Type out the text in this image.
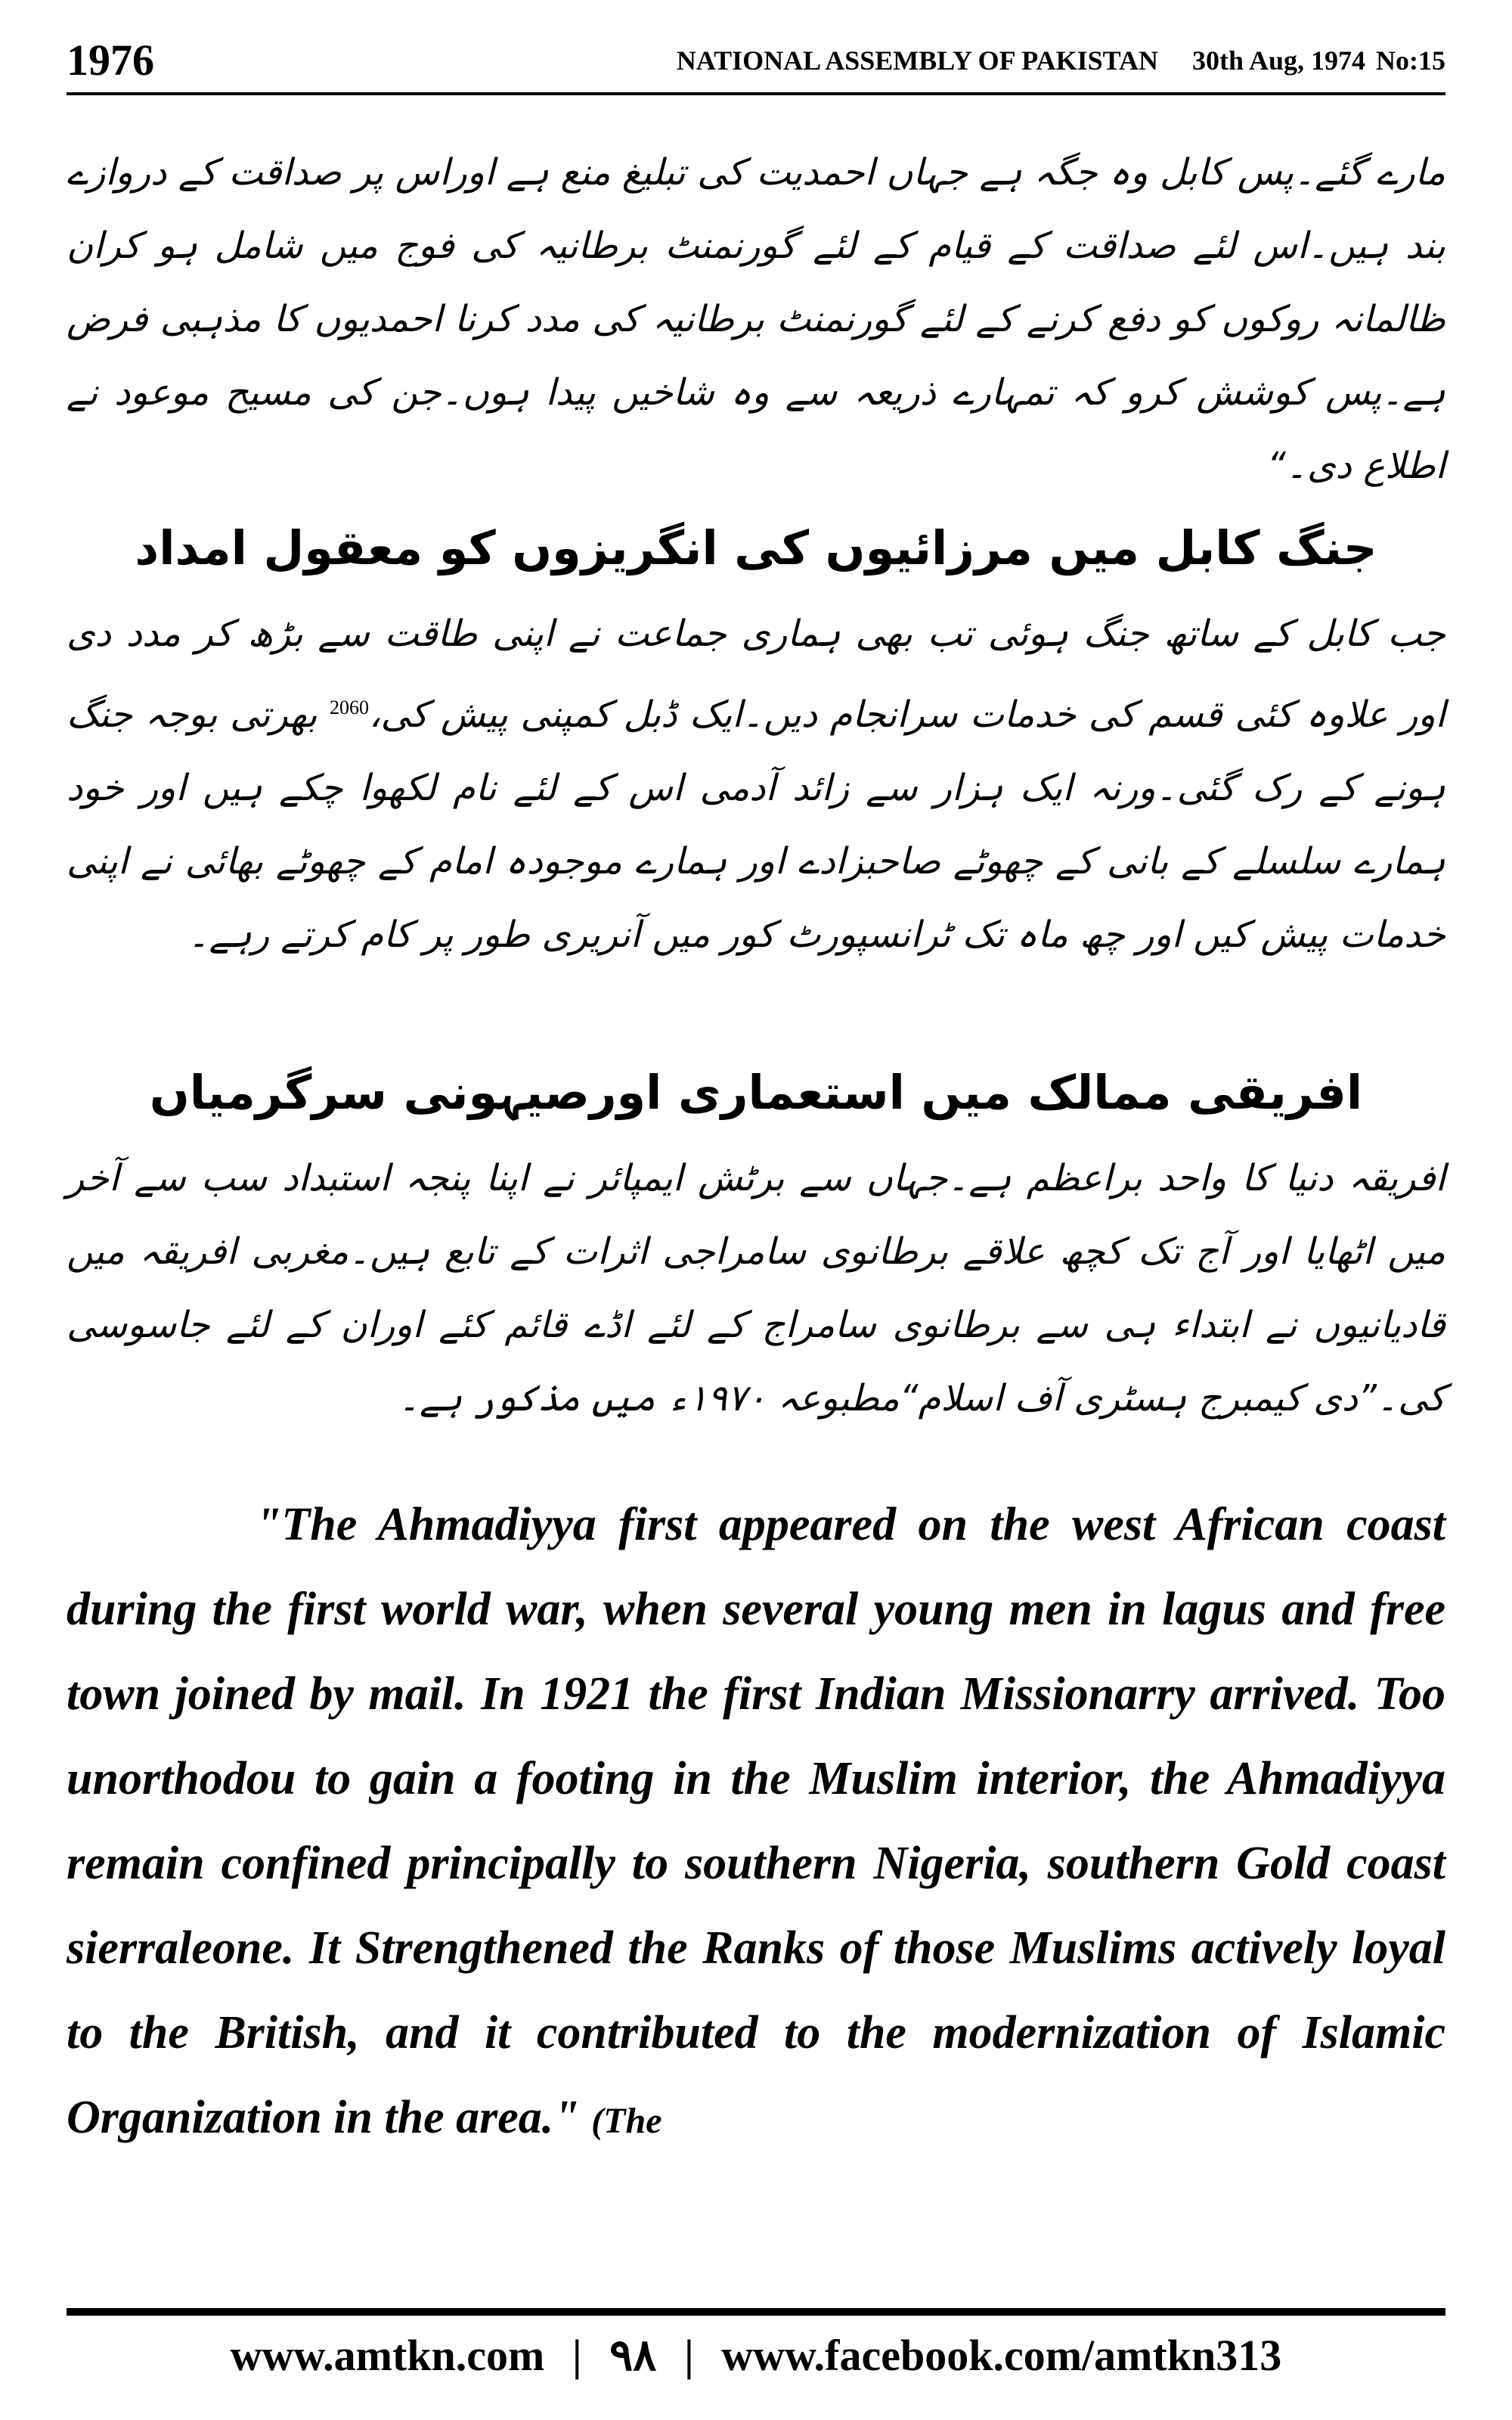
1976	NATIONAL ASSEMBLY OF PAKISTAN 30th Aug, 1974 No:15

مارے گئے۔پس کابل وہ جگہ ہے جہاں احمدیت کی تبلیغ منع ہے اوراس پر صداقت کے دروازے بند ہیں۔اس لئے صداقت کے قیام کے لئے گورنمنٹ برطانیہ کی فوج میں شامل ہو کران ظالمانہ روکوں کو دفع کرنے کے لئے گورنمنٹ برطانیہ کی مدد کرنا احمدیوں کا مذہبی فرض ہے۔پس کوشش کرو کہ تمہارے ذریعہ سے وہ شاخیں پیدا ہوں۔جن کی مسیح موعود نے اطلاع دی۔“

جنگ کابل میں مرزائیوں کی انگریزوں کو معقول امداد

جب کابل کے ساتھ جنگ ہوئی تب بھی ہماری جماعت نے اپنی طاقت سے بڑھ کر مدد دی اور علاوہ کئی قسم کی خدمات سرانجام دیں۔ایک ڈبل کمپنی پیش کی،$^{2060}$ بھرتی بوجہ جنگ ہونے کے رک گئی۔ورنہ ایک ہزار سے زائد آدمی اس کے لئے نام لکھوا چکے ہیں اور خود ہمارے سلسلے کے بانی کے چھوٹے صاحبزادے اور ہمارے موجودہ امام کے چھوٹے بھائی نے اپنی خدمات پیش کیں اور چھ ماہ تک ٹرانسپورٹ کور میں آنریری طور پر کام کرتے رہے۔

افریقی ممالک میں استعماری اورصیہونی سرگرمیاں

افریقہ دنیا کا واحد براعظم ہے۔جہاں سے برٹش ایمپائر نے اپنا پنجہ استبداد سب سے آخر میں اٹھایا اور آج تک کچھ علاقے برطانوی سامراجی اثرات کے تابع ہیں۔مغربی افریقہ میں قادیانیوں نے ابتداء ہی سے برطانوی سامراج کے لئے اڈے قائم کئے اوران کے لئے جاسوسی کی۔”دی کیمبرج ہسٹری آف اسلام“مطبوعہ ۱۹۷۰ء میں مذکور ہے۔

"The Ahmadiyya first appeared on the west African coast during the first world war, when several young men in lagus and free town joined by mail. In 1921 the first Indian Missionarry arrived. Too unorthodou to gain a footing in the Muslim interior, the Ahmadiyya remain confined principally to southern Nigeria, southern Gold coast sierraleone. It Strengthened the Ranks of those Muslims actively loyal to the British, and it contributed to the modernization of Islamic Organization in the area." (The

www.amtkn.com | ۹۸ | www.facebook.com/amtkn313
